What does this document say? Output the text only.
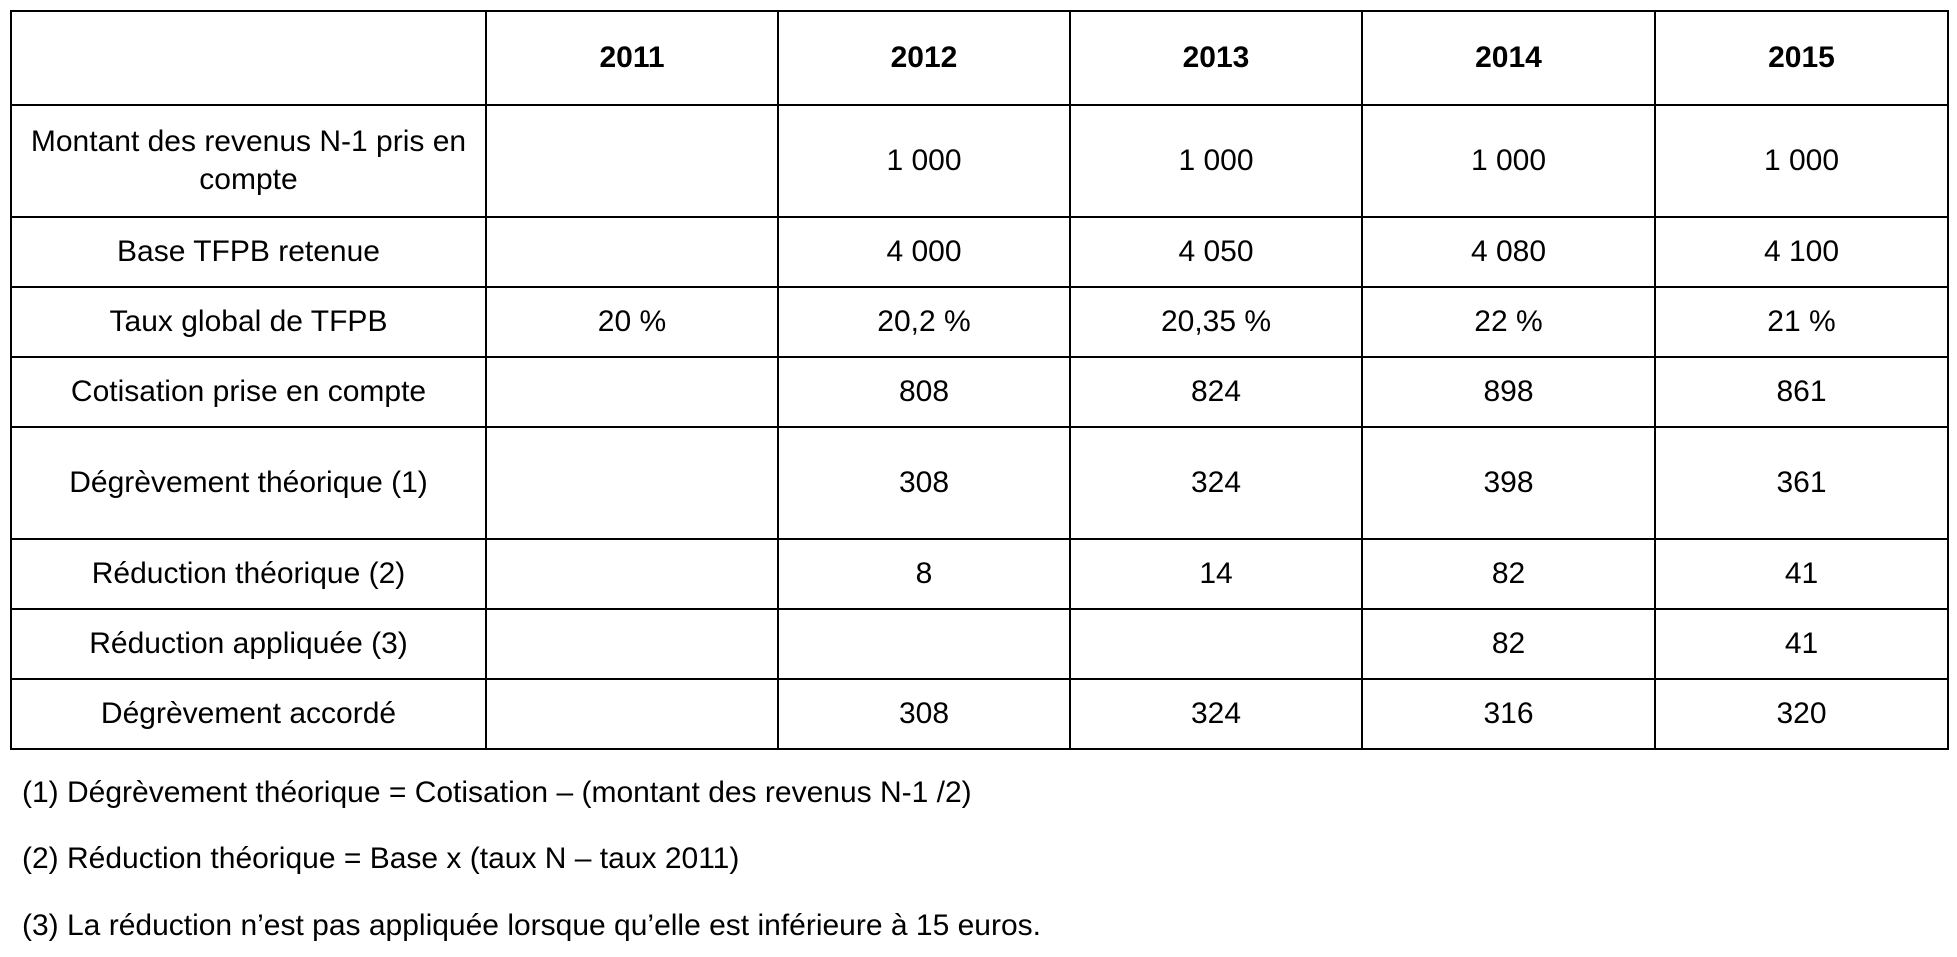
	2011	2012	2013	2014	2015
Montant des revenus N-1 pris en compte		1 000	1 000	1 000	1 000
Base TFPB retenue		4 000	4 050	4 080	4 100
Taux global de TFPB	20 %	20,2 %	20,35 %	22 %	21 %
Cotisation prise en compte		808	824	898	861
Dégrèvement théorique (1)		308	324	398	361
Réduction théorique (2)		8	14	82	41
Réduction appliquée (3)				82	41
Dégrèvement accordé		308	324	316	320
(1) Dégrèvement théorique = Cotisation – (montant des revenus N-1 /2)
(2) Réduction théorique = Base x (taux N – taux 2011)
(3) La réduction n’est pas appliquée lorsque qu’elle est inférieure à 15 euros.
